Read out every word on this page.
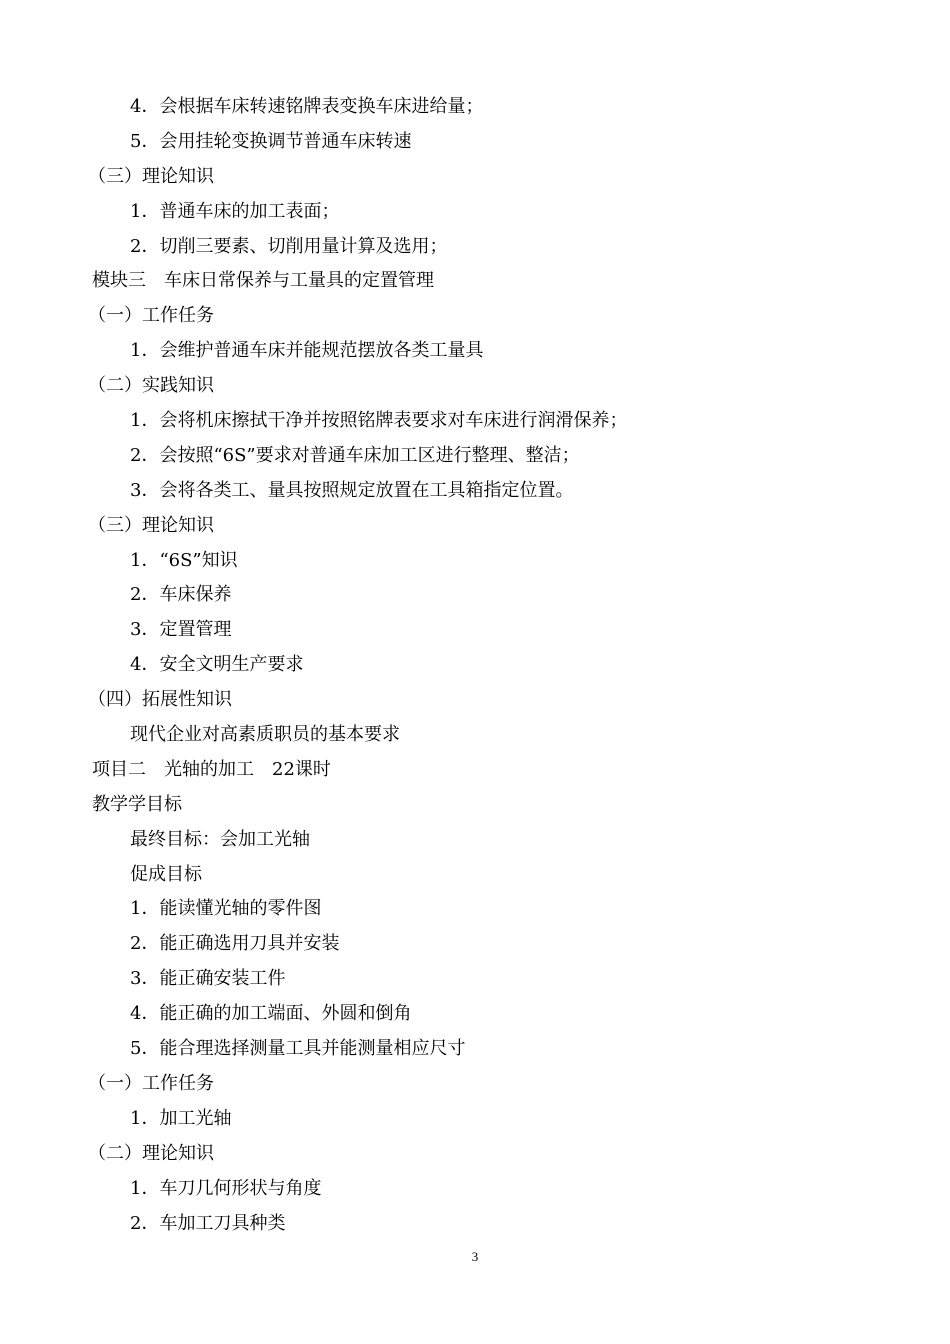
4．会根据车床转速铭牌表变换车床进给量；
5．会用挂轮变换调节普通车床转速
（三）理论知识
1．普通车床的加工表面；
2．切削三要素、切削用量计算及选用；
模块三　车床日常保养与工量具的定置管理
（一）工作任务
1．会维护普通车床并能规范摆放各类工量具
（二）实践知识
1．会将机床擦拭干净并按照铭牌表要求对车床进行润滑保养；
2．会按照“6S”要求对普通车床加工区进行整理、整洁；
3．会将各类工、量具按照规定放置在工具箱指定位置。
（三）理论知识
1．“6S”知识
2．车床保养
3．定置管理
4．安全文明生产要求
（四）拓展性知识
现代企业对高素质职员的基本要求
项目二　光轴的加工　22课时
教学学目标
最终目标：会加工光轴
促成目标
1．能读懂光轴的零件图
2．能正确选用刀具并安装
3．能正确安装工件
4．能正确的加工端面、外圆和倒角
5．能合理选择测量工具并能测量相应尺寸
（一）工作任务
1．加工光轴
（二）理论知识
1．车刀几何形状与角度
2．车加工刀具种类
3
